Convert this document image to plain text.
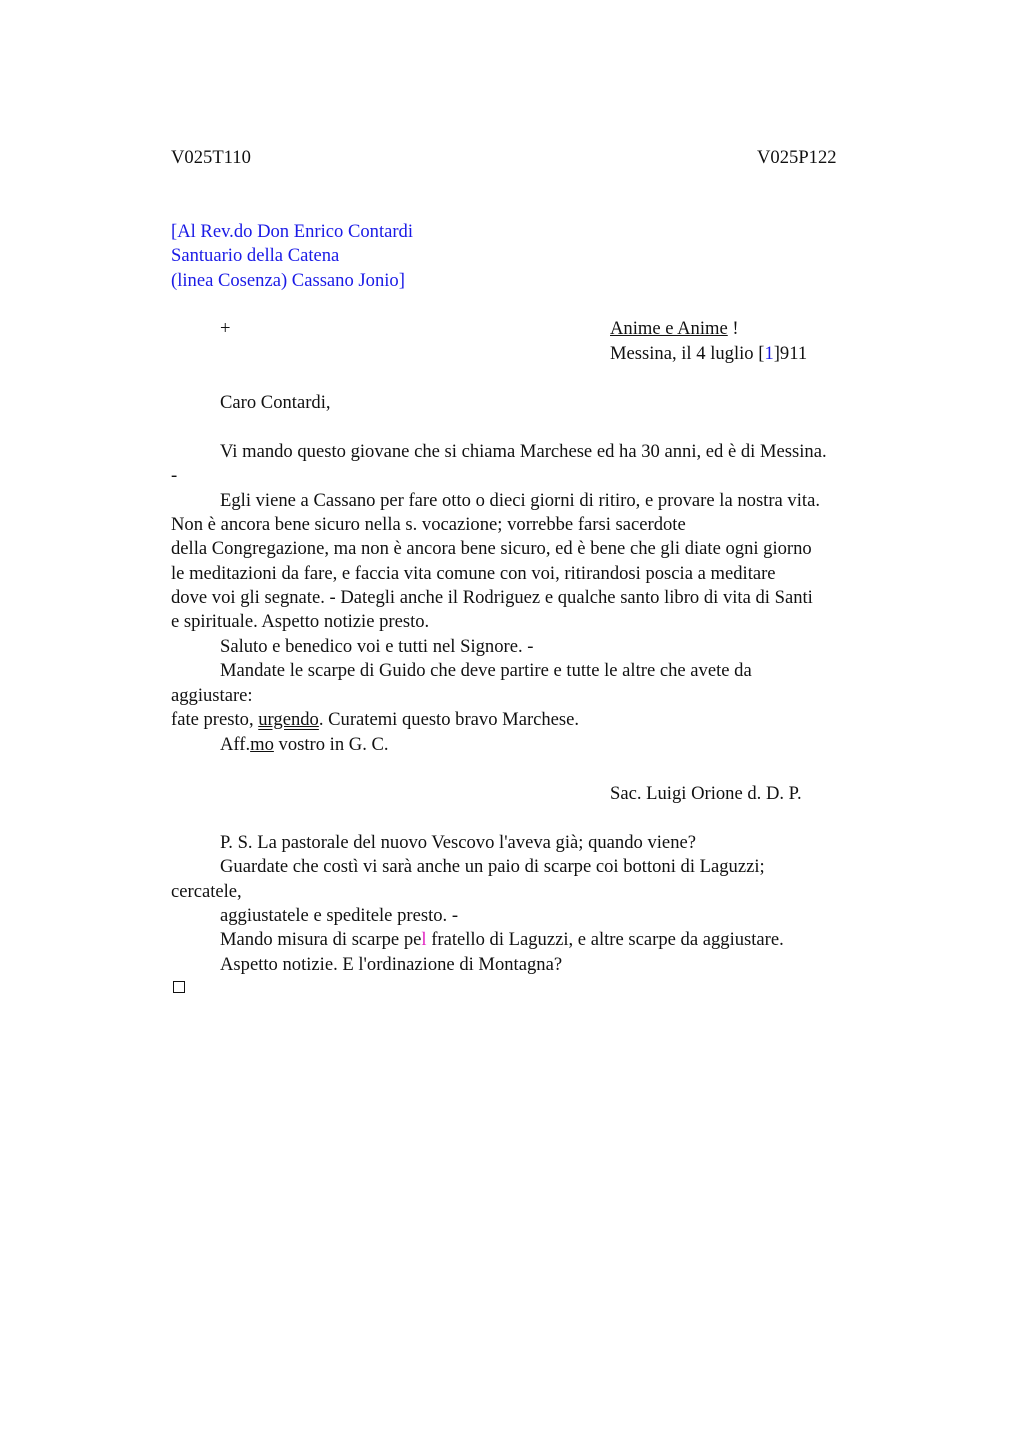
V025T110	V025P122
[Al Rev.do Don Enrico Contardi
Santuario della Catena
(linea Cosenza) Cassano Jonio]
+	Anime e Anime !
Messina, il 4 luglio [1]911
Caro Contardi,
Vi mando questo giovane che si chiama Marchese ed ha 30 anni, ed è di Messina.
-
Egli viene a Cassano per fare otto o dieci giorni di ritiro, e provare la nostra vita.
Non è ancora bene sicuro nella s. vocazione; vorrebbe farsi sacerdote
della Congregazione, ma non è ancora bene sicuro, ed è bene che gli diate ogni giorno
le meditazioni da fare, e faccia vita comune con voi, ritirandosi poscia a meditare
dove voi gli segnate. - Dategli anche il Rodriguez e qualche santo libro di vita di Santi
e spirituale. Aspetto notizie presto.
Saluto e benedico voi e tutti nel Signore. -
Mandate le scarpe di Guido che deve partire e tutte le altre che avete da
aggiustare:
fate presto, urgendo. Curatemi questo bravo Marchese.
Aff.mo vostro in G. C.
Sac. Luigi Orione d. D. P.
P. S. La pastorale del nuovo Vescovo l'aveva già; quando viene?
Guardate che costì vi sarà anche un paio di scarpe coi bottoni di Laguzzi;
cercatele,
aggiustatele e speditele presto. -
Mando misura di scarpe pel fratello di Laguzzi, e altre scarpe da aggiustare.
Aspetto notizie. E l'ordinazione di Montagna?
